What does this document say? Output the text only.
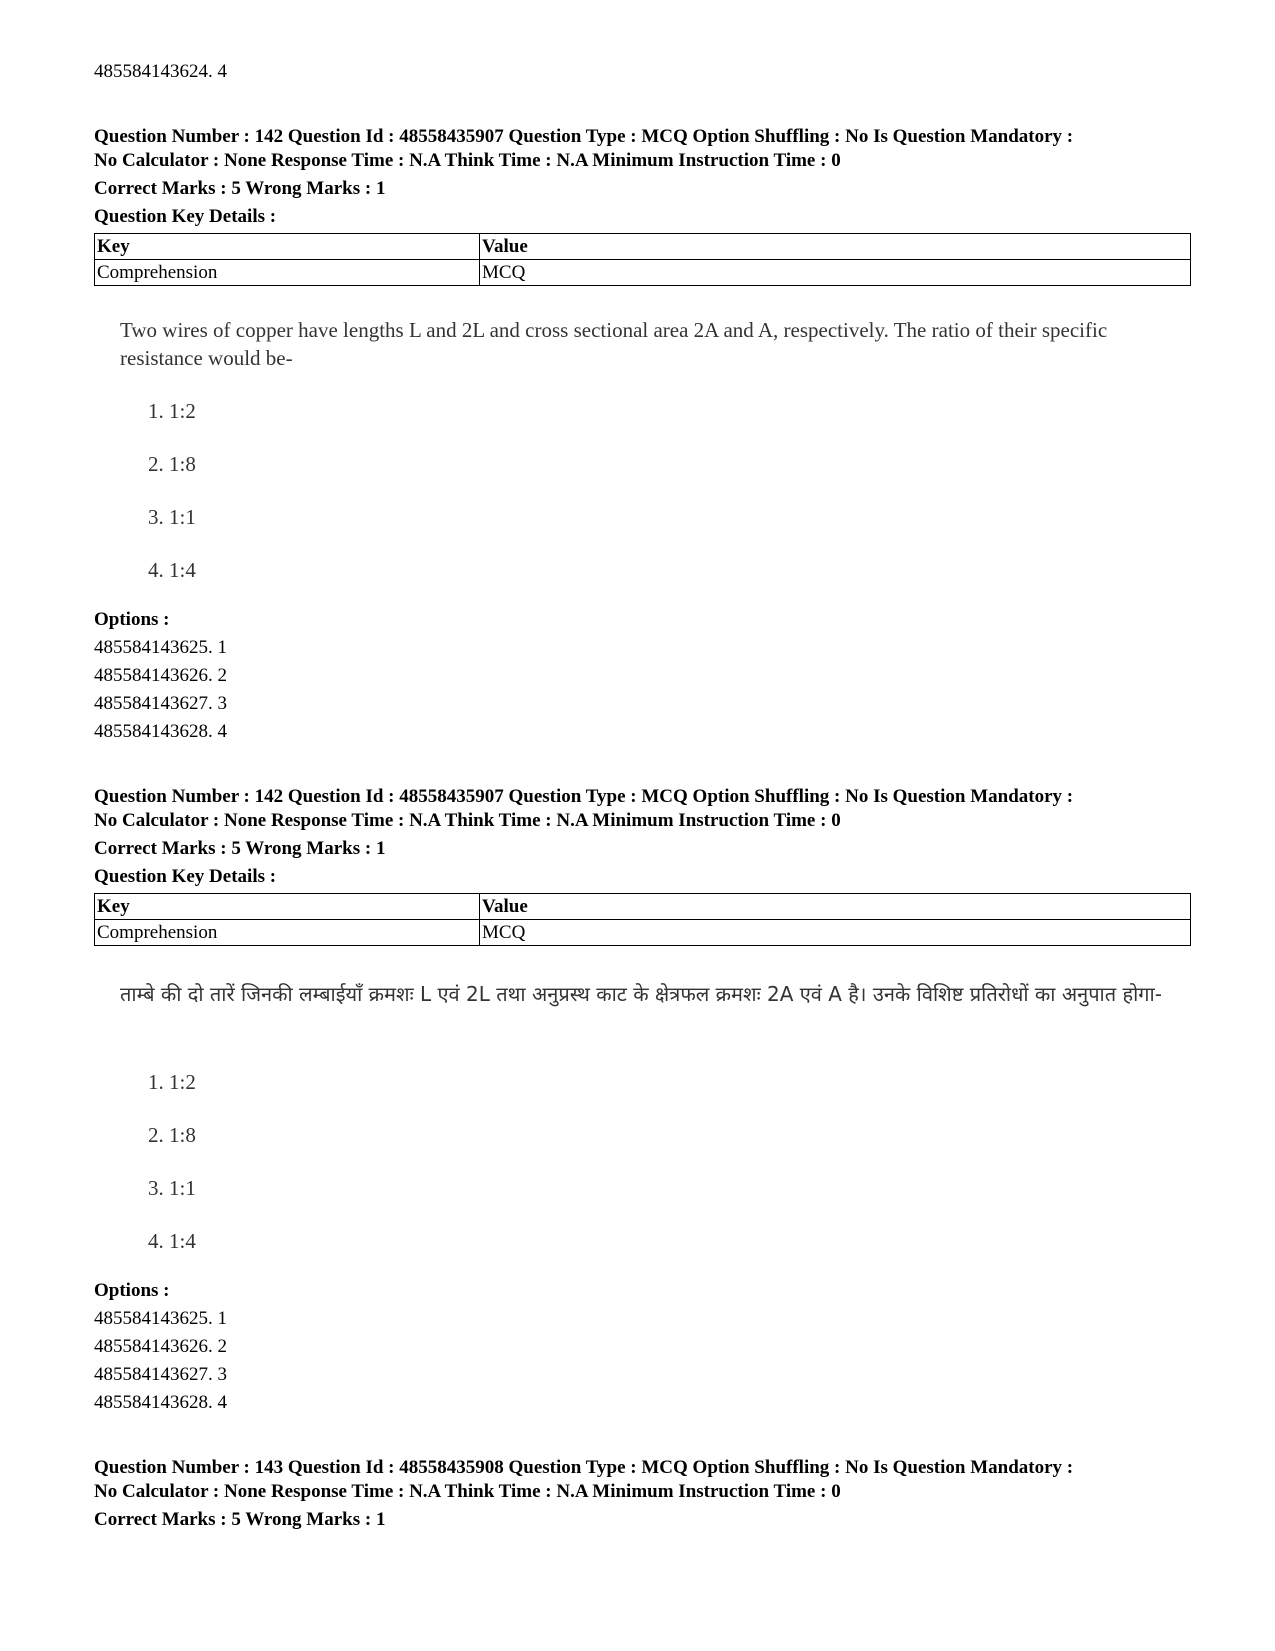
485584143624. 4
Question Number : 142 Question Id : 48558435907 Question Type : MCQ Option Shuffling : No Is Question Mandatory :
No Calculator : None Response Time : N.A Think Time : N.A Minimum Instruction Time : 0
Correct Marks : 5 Wrong Marks : 1
Question Key Details :
Key	Value
Comprehension	MCQ
Two wires of copper have lengths L and 2L and cross sectional area 2A and A, respectively. The ratio of their specific resistance would be-
1. 1:2
2. 1:8
3. 1:1
4. 1:4
Options :
485584143625. 1
485584143626. 2
485584143627. 3
485584143628. 4
Question Number : 142 Question Id : 48558435907 Question Type : MCQ Option Shuffling : No Is Question Mandatory :
No Calculator : None Response Time : N.A Think Time : N.A Minimum Instruction Time : 0
Correct Marks : 5 Wrong Marks : 1
Question Key Details :
Key	Value
Comprehension	MCQ
ताम्बे की दो तारें जिनकी लम्बाईयाँ क्रमशः L एवं 2L तथा अनुप्रस्थ काट के क्षेत्रफल क्रमशः 2A एवं A है। उनके विशिष्ट प्रतिरोधों का अनुपात होगा-
1. 1:2
2. 1:8
3. 1:1
4. 1:4
Options :
485584143625. 1
485584143626. 2
485584143627. 3
485584143628. 4
Question Number : 143 Question Id : 48558435908 Question Type : MCQ Option Shuffling : No Is Question Mandatory :
No Calculator : None Response Time : N.A Think Time : N.A Minimum Instruction Time : 0
Correct Marks : 5 Wrong Marks : 1
